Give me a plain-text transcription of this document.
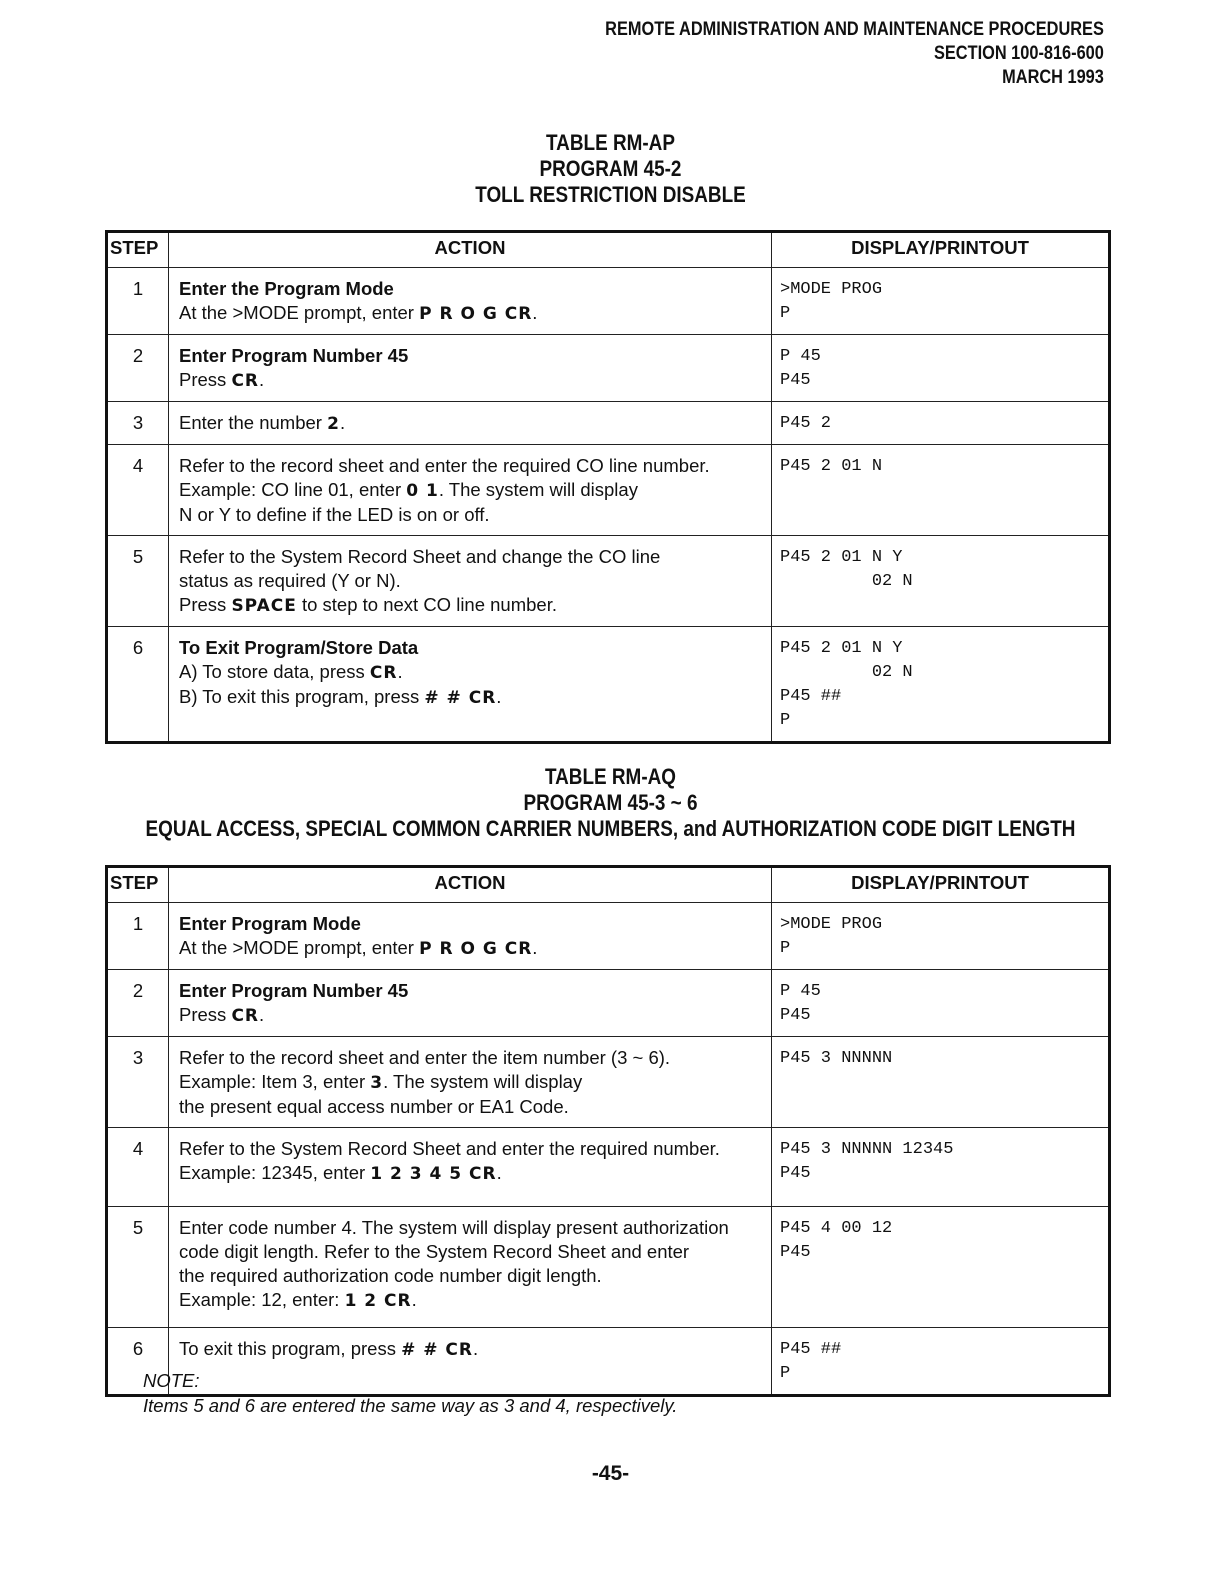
REMOTE ADMINISTRATION AND MAINTENANCE PROCEDURES
SECTION 100-816-600
MARCH 1993
TABLE RM-AP
PROGRAM 45-2
TOLL RESTRICTION DISABLE
STEP	ACTION	DISPLAY/PRINTOUT
1	Enter the Program Mode
At the >MODE prompt, enter P R O G CR.	>MODE PROG
P
2	Enter Program Number 45
Press CR.	P 45
P45
3	Enter the number 2.	P45 2
4	Refer to the record sheet and enter the required CO line number.
Example: CO line 01, enter 0 1. The system will display
N or Y to define if the LED is on or off.	P45 2 01 N
5	Refer to the System Record Sheet and change the CO line
status as required (Y or N).
Press SPACE to step to next CO line number.	P45 2 01 N Y
02 N
6	To Exit Program/Store Data
A) To store data, press CR.
B) To exit this program, press # # CR.	P45 2 01 N Y
02 N
P45 ##
P
TABLE RM-AQ
PROGRAM 45-3 ~ 6
EQUAL ACCESS, SPECIAL COMMON CARRIER NUMBERS, and AUTHORIZATION CODE DIGIT LENGTH
STEP	ACTION	DISPLAY/PRINTOUT
1	Enter Program Mode
At the >MODE prompt, enter P R O G CR.	>MODE PROG
P
2	Enter Program Number 45
Press CR.	P 45
P45
3	Refer to the record sheet and enter the item number (3 ~ 6).
Example: Item 3, enter 3. The system will display
the present equal access number or EA1 Code.	P45 3 NNNNN
4	Refer to the System Record Sheet and enter the required number.
Example: 12345, enter 1 2 3 4 5 CR.	P45 3 NNNNN 12345
P45
5	Enter code number 4. The system will display present authorization
code digit length. Refer to the System Record Sheet and enter
the required authorization code number digit length.
Example: 12, enter: 1 2 CR.	P45 4 00 12
P45
6	To exit this program, press # # CR.	P45 ##
P
NOTE:
Items 5 and 6 are entered the same way as 3 and 4, respectively.
-45-
